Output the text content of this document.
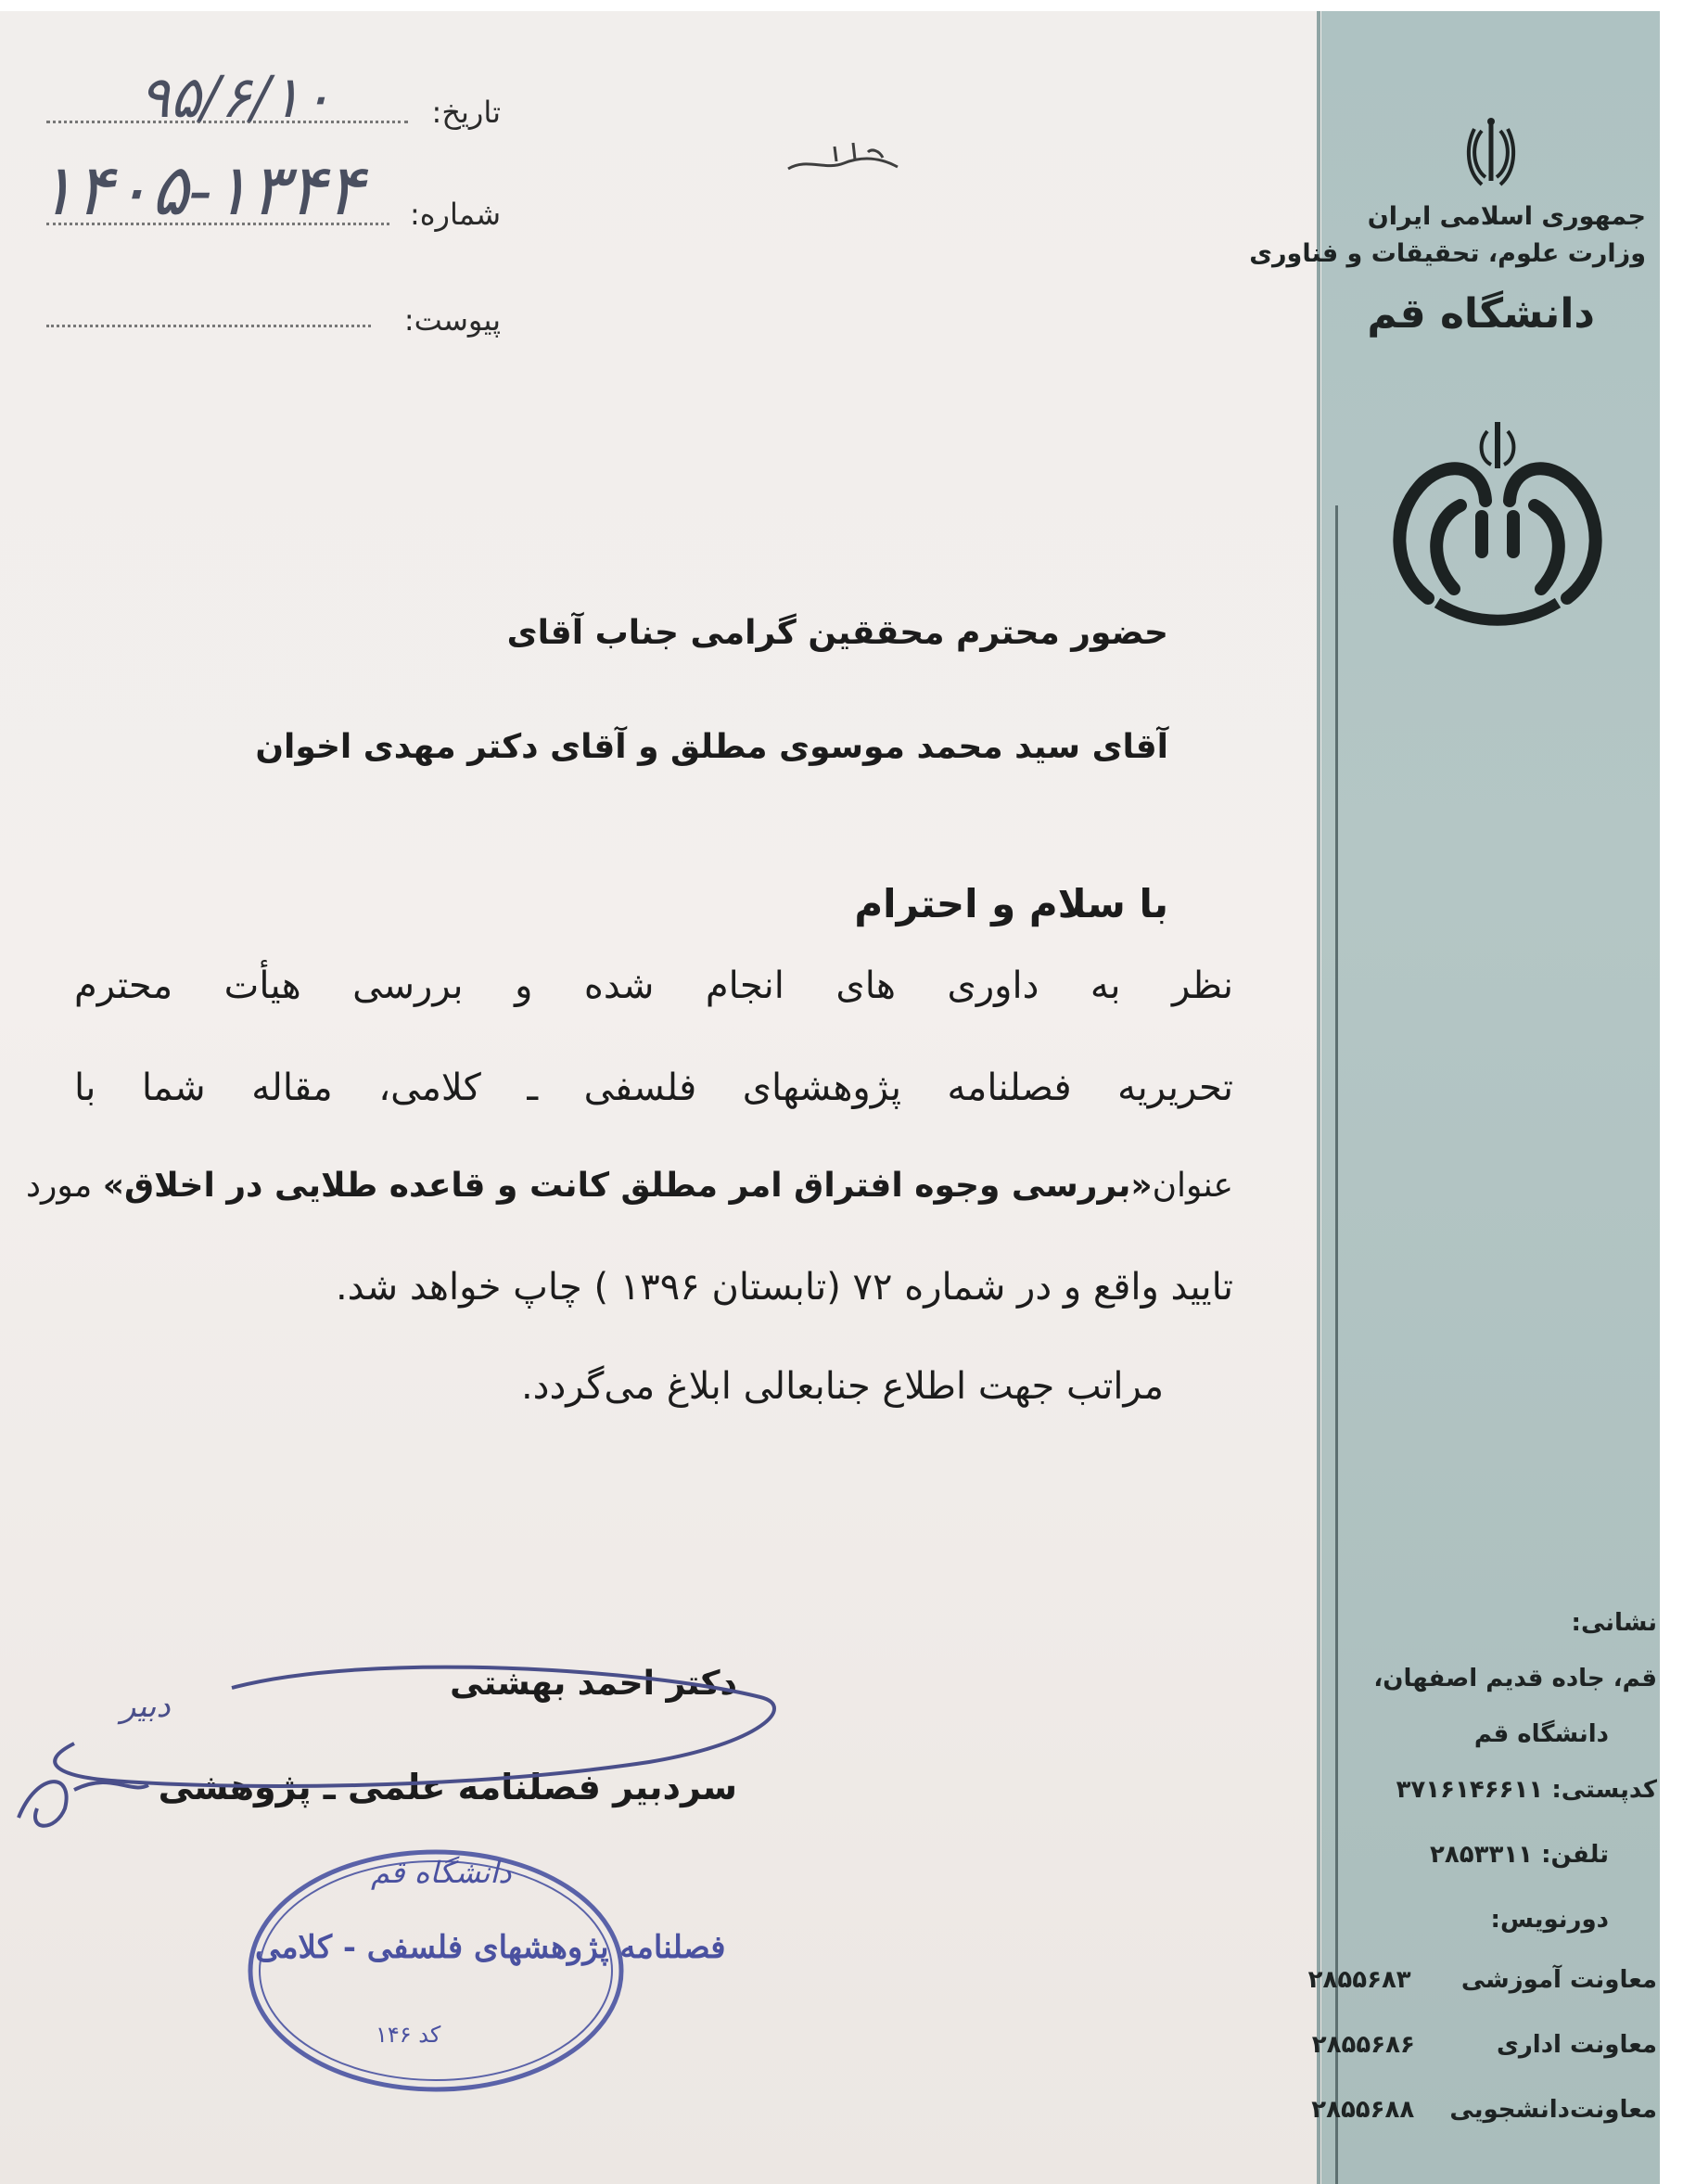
تاریخ:
۹۵/۶/۱۰
شماره:
۱۴۰۵-۱۳۴۴
پیوست:
جمهوری اسلامی ایران
وزارت علوم، تحقیقات و فناوری
دانشگاه قم
نشانی:
قم، جاده قدیم اصفهان،
دانشگاه قم
کدپستی: ۳۷۱۶۱۴۶۶۱۱
تلفن: ۲۸۵۳۳۱۱
دورنویس:
معاونت آموزشی  ۲۸۵۵۶۸۳
معاونت اداری  ۲۸۵۵۶۸۶
معاونت‌دانشجویی  ۲۸۵۵۶۸۸
حضور محترم محققین گرامی جناب آقای
آقای سید محمد موسوی مطلق و آقای دکتر مهدی اخوان
با سلام و احترام
نظر به داوری های انجام شده و بررسی هیأت محترم
تحریریه فصلنامه پژوهشهای فلسفی ـ کلامی، مقاله شما با
عنوان«بررسی وجوه افتراق امر مطلق کانت و قاعده طلایی در اخلاق» مورد
تایید واقع و در شماره ۷۲ (تابستان ۱۳۹۶ ) چاپ خواهد شد.
مراتب جهت اطلاع جنابعالی ابلاغ می‌گردد.
دکتر احمد بهشتی
سردبیر فصلنامه علمی ـ پژوهشی
دبیر
دانشگاه قم
فصلنامه پژوهشهای فلسفی - کلامی
کد ۱۴۶
